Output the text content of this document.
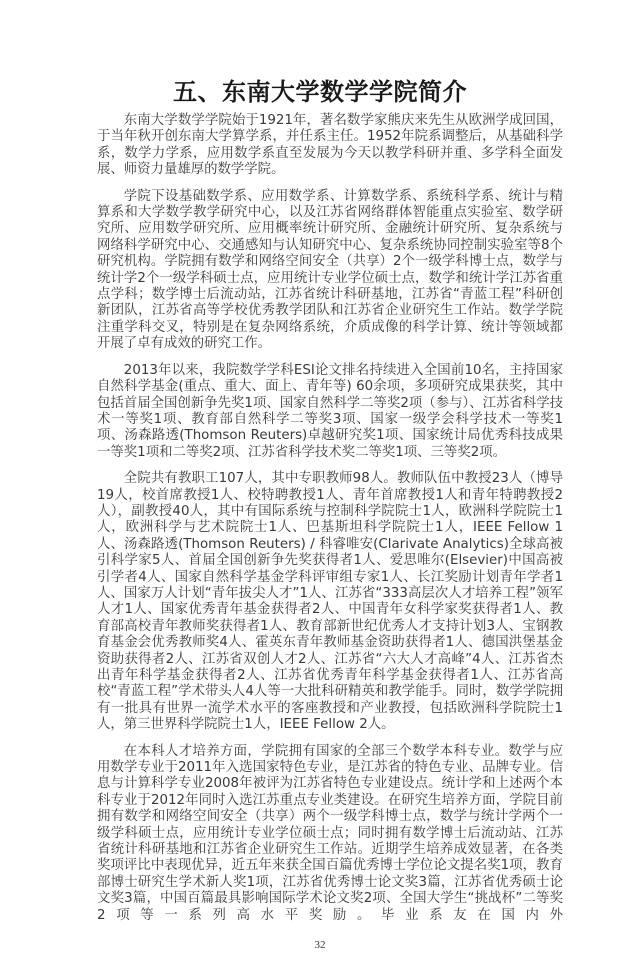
五、东南大学数学学院简介

东南大学数学学院始于1921年，著名数学家熊庆来先生从欧洲学成回国，于当年秋开创东南大学算学系，并任系主任。1952年院系调整后，从基础科学系，数学力学系，应用数学系直至发展为今天以教学科研并重、多学科全面发展、师资力量雄厚的数学学院。

学院下设基础数学系、应用数学系、计算数学系、系统科学系、统计与精算系和大学数学教学研究中心，以及江苏省网络群体智能重点实验室、数学研究所、应用数学研究所、应用概率统计研究所、金融统计研究所、复杂系统与网络科学研究中心、交通感知与认知研究中心、复杂系统协同控制实验室等8个研究机构。学院拥有数学和网络空间安全（共享）2个一级学科博士点，数学与统计学2个一级学科硕士点，应用统计专业学位硕士点，数学和统计学江苏省重点学科；数学博士后流动站，江苏省统计科研基地，江苏省“青蓝工程”科研创新团队，江苏省高等学校优秀教学团队和江苏省企业研究生工作站。数学学院注重学科交叉，特别是在复杂网络系统，介质成像的科学计算、统计等领域都开展了卓有成效的研究工作。

2013年以来，我院数学学科ESI论文排名持续进入全国前10名，主持国家自然科学基金(重点、重大、面上、青年等) 60余项，多项研究成果获奖，其中包括首届全国创新争先奖1项、国家自然科学二等奖2项（参与）、江苏省科学技术一等奖1项、教育部自然科学二等奖3项、国家一级学会科学技术一等奖1项、汤森路透(Thomson Reuters)卓越研究奖1项、国家统计局优秀科技成果一等奖1项和二等奖2项、江苏省科学技术奖二等奖1项、三等奖2项。

全院共有教职工107人，其中专职教师98人。教师队伍中教授23人（博导19人，校首席教授1人、校特聘教授1人、青年首席教授1人和青年特聘教授2人），副教授40人，其中有国际系统与控制科学院院士1人，欧洲科学院院士1人，欧洲科学与艺术院院士1人、巴基斯坦科学院院士1人，IEEE Fellow 1人、汤森路透(Thomson Reuters) / 科睿唯安(Clarivate Analytics)全球高被引科学家5人、首届全国创新争先奖获得者1人、爱思唯尔(Elsevier)中国高被引学者4人、国家自然科学基金学科评审组专家1人、长江奖励计划青年学者1人、国家万人计划“青年拔尖人才”1人、江苏省“333高层次人才培养工程”领军人才1人、国家优秀青年基金获得者2人、中国青年女科学家奖获得者1人、教育部高校青年教师奖获得者1人、教育部新世纪优秀人才支持计划3人、宝钢教育基金会优秀教师奖4人、霍英东青年教师基金资助获得者1人、德国洪堡基金资助获得者2人、江苏省双创人才2人、江苏省“六大人才高峰”4人、江苏省杰出青年科学基金获得者2人、江苏省优秀青年科学基金获得者1人、江苏省高校“青蓝工程”学术带头人4人等一大批科研精英和教学能手。同时，数学学院拥有一批具有世界一流学术水平的客座教授和产业教授，包括欧洲科学院院士1人，第三世界科学院院士1人，IEEE Fellow 2人。

在本科人才培养方面，学院拥有国家的全部三个数学本科专业。数学与应用数学专业于2011年入选国家特色专业，是江苏省的特色专业、品牌专业。信息与计算科学专业2008年被评为江苏省特色专业建设点。统计学和上述两个本科专业于2012年同时入选江苏重点专业类建设。在研究生培养方面，学院目前拥有数学和网络空间安全（共享）两个一级学科博士点，数学与统计学两个一级学科硕士点，应用统计专业学位硕士点；同时拥有数学博士后流动站、江苏省统计科研基地和江苏省企业研究生工作站。近期学生培养成效显著，在各类奖项评比中表现优异，近五年来获全国百篇优秀博士学位论文提名奖1项，教育部博士研究生学术新人奖1项，江苏省优秀博士论文奖3篇，江苏省优秀硕士论文奖3篇，中国百篇最具影响国际学术论文奖2项、全国大学生“挑战杯”二等奖2项等一系列高水平奖励。毕业系友在国内外

32
